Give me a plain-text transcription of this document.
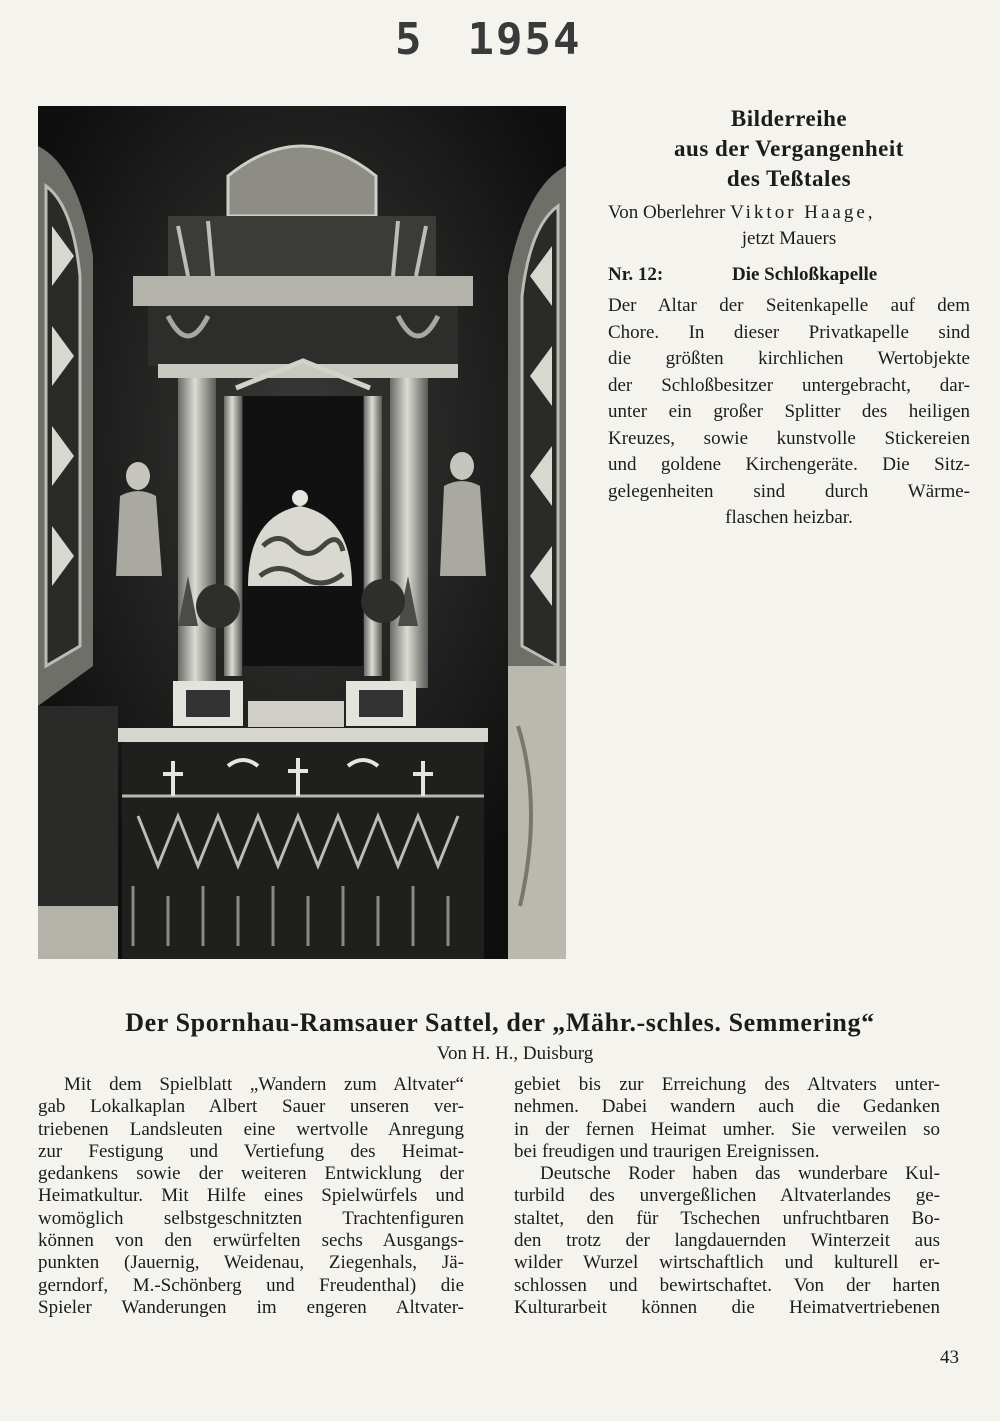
5 1954
Bilderreihe
aus der Vergangenheit
des Teßtales
Von Oberlehrer Viktor Haage,
jetzt Mauers
Nr. 12:	Die Schloßkapelle
Der Altar der Seitenkapelle auf dem
Chore. In dieser Privatkapelle sind
die größten kirchlichen Wertobjekte
der Schloßbesitzer untergebracht, dar-
unter ein großer Splitter des heiligen
Kreuzes, sowie kunstvolle Stickereien
und goldene Kirchengeräte. Die Sitz-
gelegenheiten sind durch Wärme-
flaschen heizbar.
Der Spornhau-Ramsauer Sattel, der „Mähr.-schles. Semmering“
Von H. H., Duisburg
Mit dem Spielblatt „Wandern zum Altvater“
gab Lokalkaplan Albert Sauer unseren ver-
triebenen Landsleuten eine wertvolle Anregung
zur Festigung und Vertiefung des Heimat-
gedankens sowie der weiteren Entwicklung der
Heimatkultur. Mit Hilfe eines Spielwürfels und
womöglich selbstgeschnitzten Trachtenfiguren
können von den erwürfelten sechs Ausgangs-
punkten (Jauernig, Weidenau, Ziegenhals, Jä-
gerndorf, M.-Schönberg und Freudenthal) die
Spieler Wanderungen im engeren Altvater-
gebiet bis zur Erreichung des Altvaters unter-
nehmen. Dabei wandern auch die Gedanken
in der fernen Heimat umher. Sie verweilen so
bei freudigen und traurigen Ereignissen.
Deutsche Roder haben das wunderbare Kul-
turbild des unvergeßlichen Altvaterlandes ge-
staltet, den für Tschechen unfruchtbaren Bo-
den trotz der langdauernden Winterzeit aus
wilder Wurzel wirtschaftlich und kulturell er-
schlossen und bewirtschaftet. Von der harten
Kulturarbeit können die Heimatvertriebenen
43
